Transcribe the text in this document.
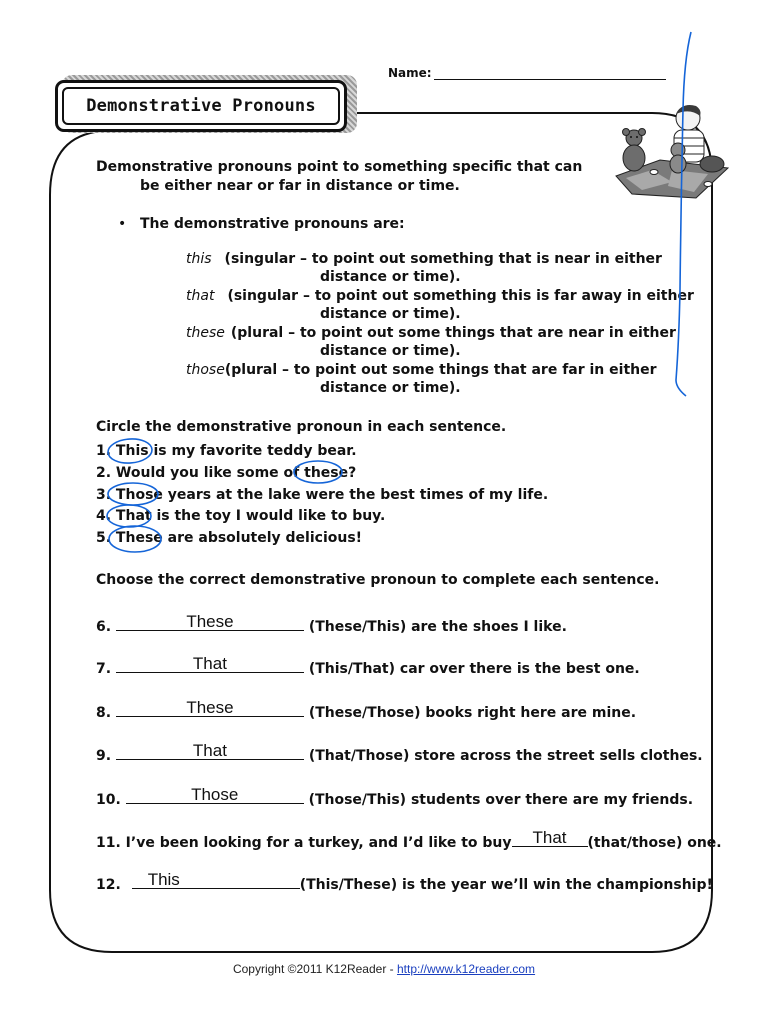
Demonstrative Pronouns
Name:
Demonstrative pronouns point to something specific that can
be either near or far in distance or time.
• The demonstrative pronouns are:
this (singular – to point out something that is near in either
distance or time).
that (singular – to point out something this is far away in either
distance or time).
these (plural – to point out some things that are near in either
distance or time).
those(plural – to point out some things that are far in either
distance or time).
Circle the demonstrative pronoun in each sentence.
1. This is my favorite teddy bear.
2. Would you like some of these?
3. Those years at the lake were the best times of my life.
4. That is the toy I would like to buy.
5. These are absolutely delicious!
Choose the correct demonstrative pronoun to complete each sentence.
6.	These	(These/This) are the shoes I like.
7.	That	(This/That) car over there is the best one.
8.	These	(These/Those) books right here are mine.
9.	That	(That/Those) store across the street sells clothes.
10.	Those	(Those/This) students over there are my friends.
11. I’ve been looking for a turkey, and I’d like to buy	That	(that/those) one.
12. This	(This/These) is the year we’ll win the championship!
Copyright ©2011 K12Reader - http://www.k12reader.com
